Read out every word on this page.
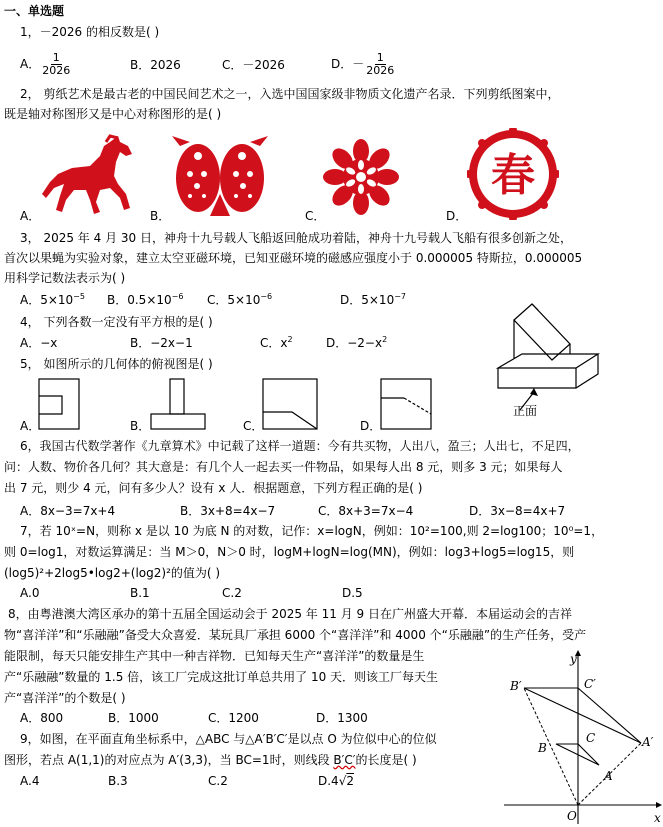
一、单选题
1，－2026 的相反数是( )
A． $\frac{1}{2026}$	B．2026	C．－2026	D．－ $\frac{1}{2026}$
2， 剪纸艺术是最古老的中国民间艺术之一，入选中国国家级非物质文化遗产名录．下列剪纸图案中，
既是轴对称图形又是中心对称图形的是( )
A．	B．	C．	D．
春
3， 2025 年 4 月 30 日，神舟十九号载人飞船返回舱成功着陆，神舟十九号载人飞船有很多创新之处，
首次以果蝇为实验对象，建立太空亚磁环境，已知亚磁环境的磁感应强度小于 0.000005 特斯拉，0.000005
用科学记数法表示为( )
A．$5\times 10^{-5}$ B．$0.5\times 10^{-6}$ C．$5\times 10^{-6}$	D．$5\times 10^{-7}$
4， 下列各数一定没有平方根的是( )
A．−x	B．−2x−1	C．$x^2$	D．$-2-x^2$
5， 如图所示的几何体的俯视图是( )
A．	B．	C．	D．
正面
6，我国古代数学著作《九章算术》中记载了这样一道题：今有共买物，人出八，盈三；人出七，不足四，
问：人数、物价各几何？其大意是：有几个人一起去买一件物品，如果每人出 8 元，则多 3 元；如果每人
出 7 元，则少 4 元，问有多少人？设有 x 人．根据题意，下列方程正确的是( )
A．8x−3=7x+4	B．3x+8=4x−7	C．8x+3=7x−4	D．3x−8=4x+7
7，若 10ˣ=N，则称 x 是以 10 为底 N 的对数，记作：x=logN，例如：10²=100,则 2=log100；10⁰=1，
则 0=log1，对数运算满足：当 M＞0，N＞0 时，logM+logN=log(MN)，例如：log3+log5=log15，则
(log5)²+2log5•log2+(log2)²的值为( )
A.0	B.1	C.2	D.5
8，由粤港澳大湾区承办的第十五届全国运动会于 2025 年 11 月 9 日在广州盛大开幕．本届运动会的吉祥
物“喜洋洋”和“乐融融”备受大众喜爱．某玩具厂承担 6000 个“喜洋洋”和 4000 个“乐融融”的生产任务，受产
能限制，每天只能安排生产其中一种吉祥物．已知每天生产“喜洋洋”的数量是生
产“乐融融”数量的 1.5 倍，该工厂完成这批订单总共用了 10 天．则该工厂每天生
产“喜洋洋”的个数是( )
A．800	B．1000	C．1200	D．1300
9，如图，在平面直角坐标系中，△ABC 与△A′B′C′是以点 O 为位似中心的位似
图形，若点 A(1,1)的对应点为 A′(3,3)，当 BC=1时，则线段 B′C′的长度是( )
A.4	B.3	C.2	D.4√2
y
x
O
B′	C′
A′
B
C
A
